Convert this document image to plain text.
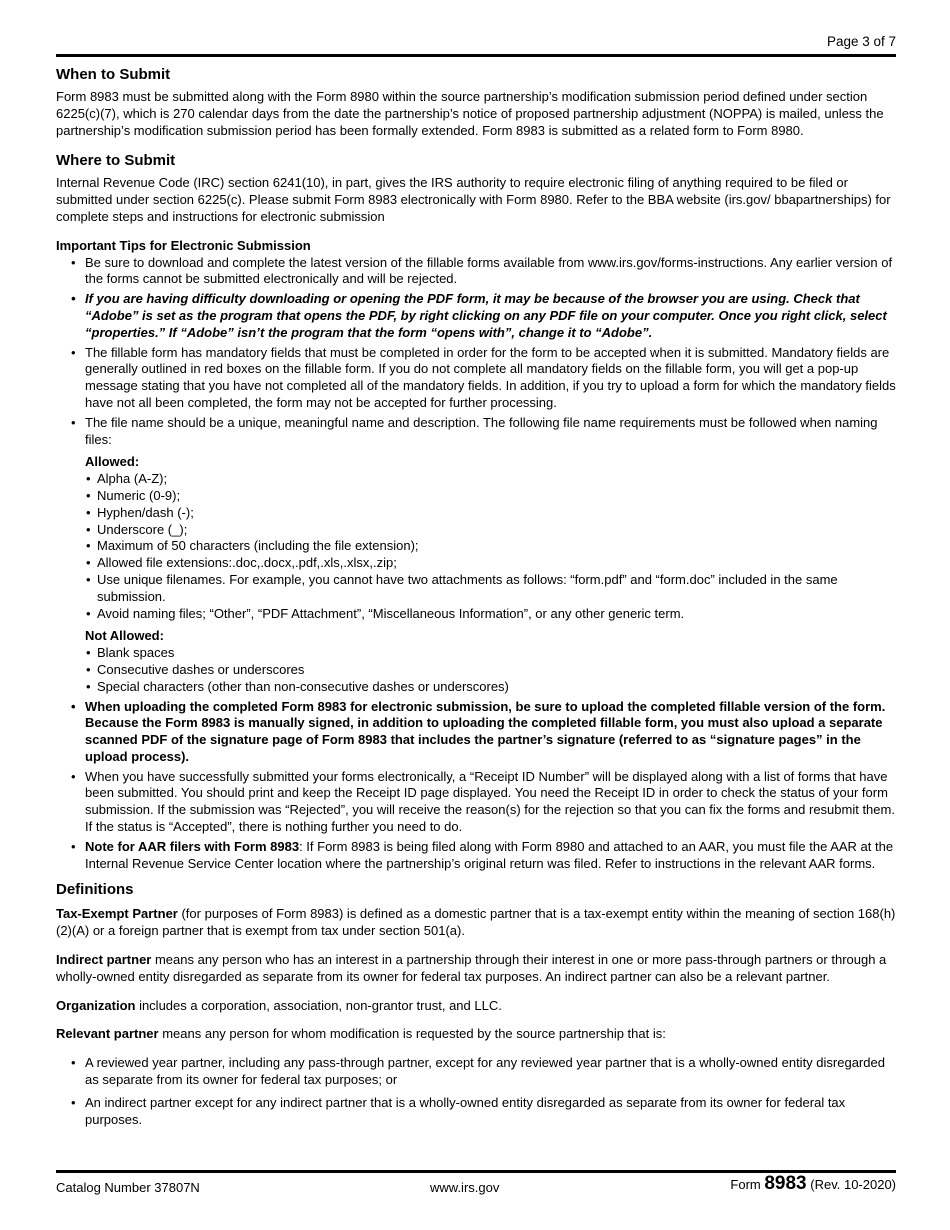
Page 3 of 7
When to Submit

Form 8983 must be submitted along with the Form 8980 within the source partnership’s modification submission period defined under section 6225(c)(7), which is 270 calendar days from the date the partnership’s notice of proposed partnership adjustment (NOPPA) is mailed, unless the partnership’s modification submission period has been formally extended. Form 8983 is submitted as a related form to Form 8980.

Where to Submit

Internal Revenue Code (IRC) section 6241(10), in part, gives the IRS authority to require electronic filing of anything required to be filed or submitted under section 6225(c). Please submit Form 8983 electronically with Form 8980. Refer to the BBA website (irs.gov/ bbapartnerships) for complete steps and instructions for electronic submission

Important Tips for Electronic Submission
• Be sure to download and complete the latest version of the fillable forms available from www.irs.gov/forms-instructions. Any earlier version of the forms cannot be submitted electronically and will be rejected.
• If you are having difficulty downloading or opening the PDF form, it may be because of the browser you are using. Check that “Adobe” is set as the program that opens the PDF, by right clicking on any PDF file on your computer. Once you right click, select “properties.” If “Adobe” isn’t the program that the form “opens with”, change it to “Adobe”.
• The fillable form has mandatory fields that must be completed in order for the form to be accepted when it is submitted. Mandatory fields are generally outlined in red boxes on the fillable form. If you do not complete all mandatory fields on the fillable form, you will get a pop-up message stating that you have not completed all of the mandatory fields. In addition, if you try to upload a form for which the mandatory fields have not all been completed, the form may not be accepted for further processing.
• The file name should be a unique, meaningful name and description. The following file name requirements must be followed when naming files:
Allowed:
• Alpha (A-Z);
• Numeric (0-9);
• Hyphen/dash (-);
• Underscore (_);
• Maximum of 50 characters (including the file extension);
• Allowed file extensions:.doc,.docx,.pdf,.xls,.xlsx,.zip;
• Use unique filenames. For example, you cannot have two attachments as follows: “form.pdf” and “form.doc” included in the same submission.
• Avoid naming files; “Other”, “PDF Attachment”, “Miscellaneous Information”, or any other generic term.
Not Allowed:
• Blank spaces
• Consecutive dashes or underscores
• Special characters (other than non-consecutive dashes or underscores)
• When uploading the completed Form 8983 for electronic submission, be sure to upload the completed fillable version of the form. Because the Form 8983 is manually signed, in addition to uploading the completed fillable form, you must also upload a separate scanned PDF of the signature page of Form 8983 that includes the partner’s signature (referred to as “signature pages” in the upload process).
• When you have successfully submitted your forms electronically, a “Receipt ID Number” will be displayed along with a list of forms that have been submitted. You should print and keep the Receipt ID page displayed. You need the Receipt ID in order to check the status of your form submission. If the submission was “Rejected”, you will receive the reason(s) for the rejection so that you can fix the forms and resubmit them. If the status is “Accepted”, there is nothing further you need to do.
• Note for AAR filers with Form 8983: If Form 8983 is being filed along with Form 8980 and attached to an AAR, you must file the AAR at the Internal Revenue Service Center location where the partnership’s original return was filed. Refer to instructions in the relevant AAR forms.
Definitions

Tax-Exempt Partner (for purposes of Form 8983) is defined as a domestic partner that is a tax-exempt entity within the meaning of section 168(h)(2)(A) or a foreign partner that is exempt from tax under section 501(a).

Indirect partner means any person who has an interest in a partnership through their interest in one or more pass-through partners or through a wholly-owned entity disregarded as separate from its owner for federal tax purposes. An indirect partner can also be a relevant partner.

Organization includes a corporation, association, non-grantor trust, and LLC.

Relevant partner means any person for whom modification is requested by the source partnership that is:

• A reviewed year partner, including any pass-through partner, except for any reviewed year partner that is a wholly-owned entity disregarded as separate from its owner for federal tax purposes; or
• An indirect partner except for any indirect partner that is a wholly-owned entity disregarded as separate from its owner for federal tax purposes.
Catalog Number 37807N	www.irs.gov	Form 8983 (Rev. 10-2020)
